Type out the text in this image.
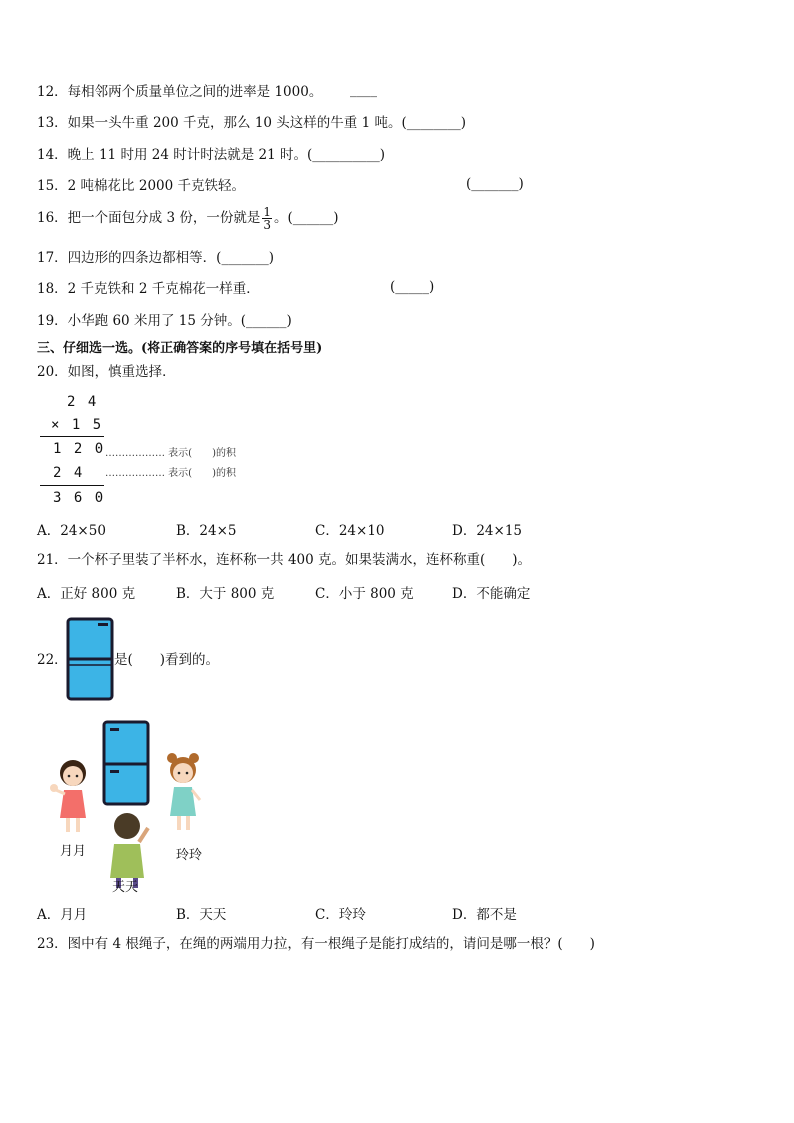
12．每相邻两个质量单位之间的进率是 1000。 ____
13．如果一头牛重 200 千克，那么 10 头这样的牛重 1 吨。(________)
14．晚上 11 时用 24 时计时法就是 21 时。(__________)
15．2 吨棉花比 2000 千克铁轻。	(_______)
16．把一个面包分成 3 份，一份就是 $\frac{1}{3}$ 。(______)
17．四边形的四条边都相等．(_______)
18．2 千克铁和 2 千克棉花一样重．	(_____)
19．小华跑 60 米用了 15 分钟。(______)
三、仔细选一选。(将正确答案的序号填在括号里)
20．如图，慎重选择．
2 4
× 1 5
1 2 0 ……………… 表示(　　)的积
2 4 ……………… 表示(　　)的积
3 6 0
A．24×50	B．24×5	C．24×10	D．24×15
21．一个杯子里装了半杯水，连杯称一共 400 克。如果装满水，连杯称重(　　)。
A．正好 800 克	B．大于 800 克	C．小于 800 克	D．不能确定
22．	是(　　)看到的。
月月
天天
玲玲
A．月月	B．天天	C．玲玲	D．都不是
23．图中有 4 根绳子，在绳的两端用力拉，有一根绳子是能打成结的，请问是哪一根？(　　)
